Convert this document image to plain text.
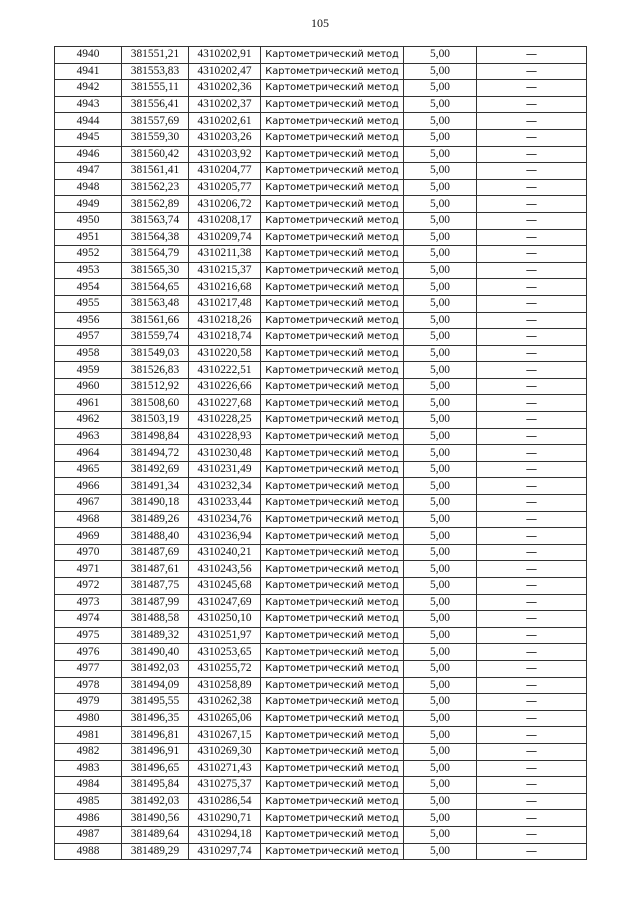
105
4940	381551,21	4310202,91	Картометрический метод	5,00	—
4941	381553,83	4310202,47	Картометрический метод	5,00	—
4942	381555,11	4310202,36	Картометрический метод	5,00	—
4943	381556,41	4310202,37	Картометрический метод	5,00	—
4944	381557,69	4310202,61	Картометрический метод	5,00	—
4945	381559,30	4310203,26	Картометрический метод	5,00	—
4946	381560,42	4310203,92	Картометрический метод	5,00	—
4947	381561,41	4310204,77	Картометрический метод	5,00	—
4948	381562,23	4310205,77	Картометрический метод	5,00	—
4949	381562,89	4310206,72	Картометрический метод	5,00	—
4950	381563,74	4310208,17	Картометрический метод	5,00	—
4951	381564,38	4310209,74	Картометрический метод	5,00	—
4952	381564,79	4310211,38	Картометрический метод	5,00	—
4953	381565,30	4310215,37	Картометрический метод	5,00	—
4954	381564,65	4310216,68	Картометрический метод	5,00	—
4955	381563,48	4310217,48	Картометрический метод	5,00	—
4956	381561,66	4310218,26	Картометрический метод	5,00	—
4957	381559,74	4310218,74	Картометрический метод	5,00	—
4958	381549,03	4310220,58	Картометрический метод	5,00	—
4959	381526,83	4310222,51	Картометрический метод	5,00	—
4960	381512,92	4310226,66	Картометрический метод	5,00	—
4961	381508,60	4310227,68	Картометрический метод	5,00	—
4962	381503,19	4310228,25	Картометрический метод	5,00	—
4963	381498,84	4310228,93	Картометрический метод	5,00	—
4964	381494,72	4310230,48	Картометрический метод	5,00	—
4965	381492,69	4310231,49	Картометрический метод	5,00	—
4966	381491,34	4310232,34	Картометрический метод	5,00	—
4967	381490,18	4310233,44	Картометрический метод	5,00	—
4968	381489,26	4310234,76	Картометрический метод	5,00	—
4969	381488,40	4310236,94	Картометрический метод	5,00	—
4970	381487,69	4310240,21	Картометрический метод	5,00	—
4971	381487,61	4310243,56	Картометрический метод	5,00	—
4972	381487,75	4310245,68	Картометрический метод	5,00	—
4973	381487,99	4310247,69	Картометрический метод	5,00	—
4974	381488,58	4310250,10	Картометрический метод	5,00	—
4975	381489,32	4310251,97	Картометрический метод	5,00	—
4976	381490,40	4310253,65	Картометрический метод	5,00	—
4977	381492,03	4310255,72	Картометрический метод	5,00	—
4978	381494,09	4310258,89	Картометрический метод	5,00	—
4979	381495,55	4310262,38	Картометрический метод	5,00	—
4980	381496,35	4310265,06	Картометрический метод	5,00	—
4981	381496,81	4310267,15	Картометрический метод	5,00	—
4982	381496,91	4310269,30	Картометрический метод	5,00	—
4983	381496,65	4310271,43	Картометрический метод	5,00	—
4984	381495,84	4310275,37	Картометрический метод	5,00	—
4985	381492,03	4310286,54	Картометрический метод	5,00	—
4986	381490,56	4310290,71	Картометрический метод	5,00	—
4987	381489,64	4310294,18	Картометрический метод	5,00	—
4988	381489,29	4310297,74	Картометрический метод	5,00	—
